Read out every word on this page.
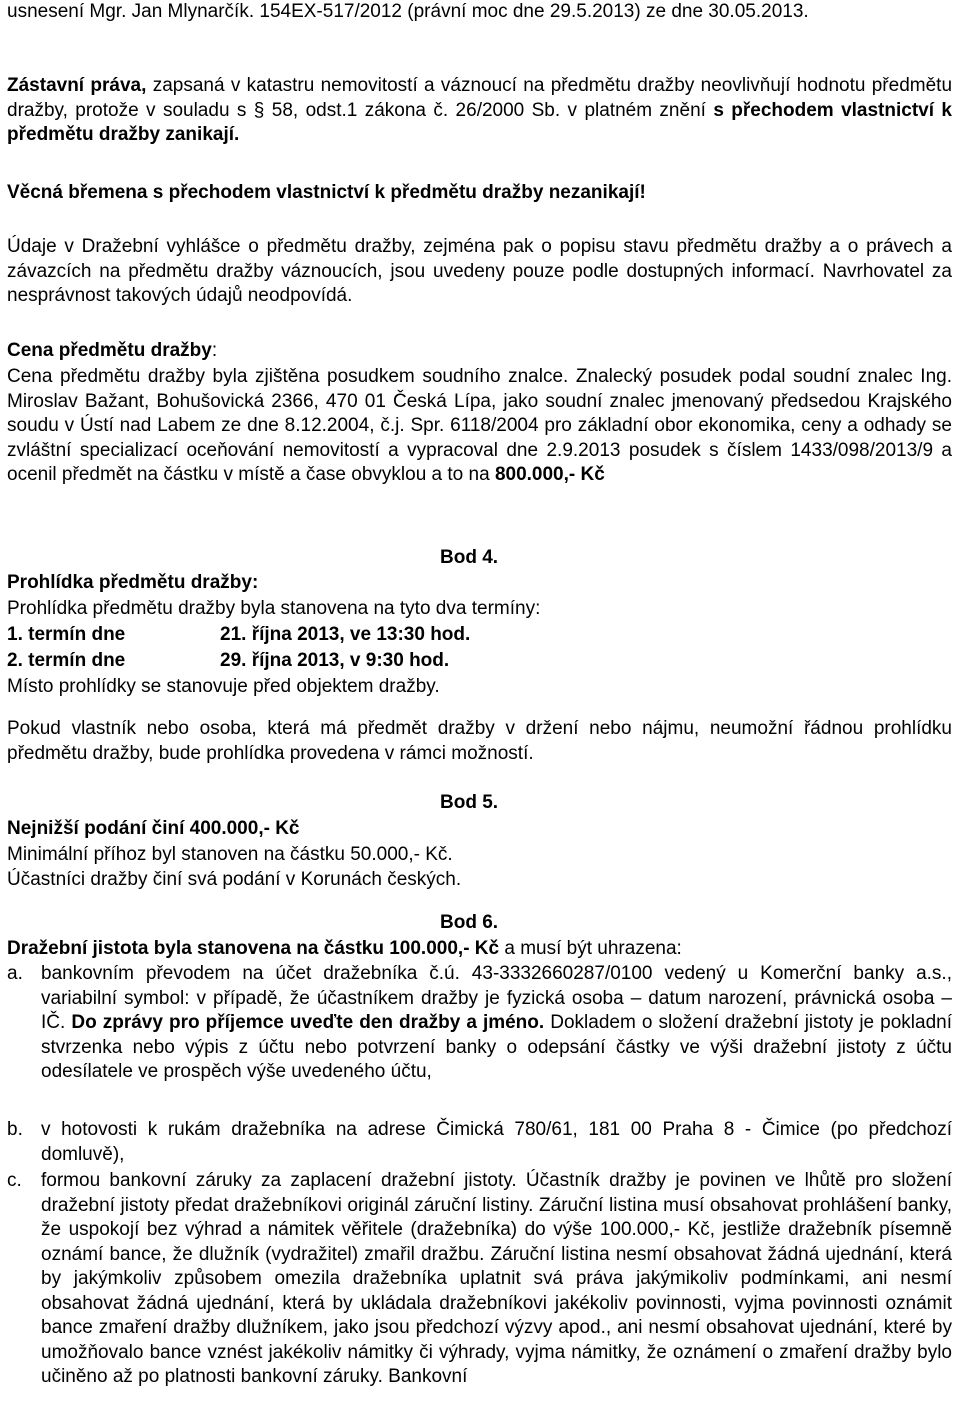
usnesení Mgr. Jan Mlynarčík. 154EX-517/2012 (právní moc dne 29.5.2013) ze dne 30.05.2013.

Zástavní práva, zapsaná v katastru nemovitostí a váznoucí na předmětu dražby neovlivňují hodnotu předmětu dražby, protože v souladu s § 58, odst.1 zákona č. 26/2000 Sb. v platném znění s přechodem vlastnictví k předmětu dražby zanikají.

Věcná břemena s přechodem vlastnictví k předmětu dražby nezanikají!

Údaje v Dražební vyhlášce o předmětu dražby, zejména pak o popisu stavu předmětu dražby a o právech a závazcích na předmětu dražby váznoucích, jsou uvedeny pouze podle dostupných informací. Navrhovatel za nesprávnost takových údajů neodpovídá.

Cena předmětu dražby:

Cena předmětu dražby byla zjištěna posudkem soudního znalce. Znalecký posudek podal soudní znalec Ing. Miroslav Bažant, Bohušovická 2366, 470 01 Česká Lípa, jako soudní znalec jmenovaný předsedou Krajského soudu v Ústí nad Labem ze dne 8.12.2004, č.j. Spr. 6118/2004 pro základní obor ekonomika, ceny a odhady se zvláštní specializací oceňování nemovitostí a vypracoval dne 2.9.2013 posudek s číslem 1433/098/2013/9 a ocenil předmět na částku v místě a čase obvyklou a to na 800.000,- Kč

Bod 4.

Prohlídka předmětu dražby:

Prohlídka předmětu dražby byla stanovena na tyto dva termíny:

1. termín dne	21. října 2013, ve 13:30 hod.

2. termín dne	29. října 2013, v 9:30 hod.

Místo prohlídky se stanovuje před objektem dražby.

Pokud vlastník nebo osoba, která má předmět dražby v držení nebo nájmu, neumožní řádnou prohlídku předmětu dražby, bude prohlídka provedena v rámci možností.

Bod 5.

Nejnižší podání činí 400.000,- Kč

Minimální příhoz byl stanoven na částku 50.000,- Kč.

Účastníci dražby činí svá podání v Korunách českých.

Bod 6.

Dražební jistota byla stanovena na částku 100.000,- Kč a musí být uhrazena:

a. bankovním převodem na účet dražebníka č.ú. 43-3332660287/0100 vedený u Komerční banky a.s., variabilní symbol: v případě, že účastníkem dražby je fyzická osoba – datum narození, právnická osoba – IČ. Do zprávy pro příjemce uveďte den dražby a jméno. Dokladem o složení dražební jistoty je pokladní stvrzenka nebo výpis z účtu nebo potvrzení banky o odepsání částky ve výši dražební jistoty z účtu odesílatele ve prospěch výše uvedeného účtu,
b. v hotovosti k rukám dražebníka na adrese Čimická 780/61, 181 00 Praha 8 - Čimice (po předchozí domluvě),
c. formou bankovní záruky za zaplacení dražební jistoty. Účastník dražby je povinen ve lhůtě pro složení dražební jistoty předat dražebníkovi originál záruční listiny. Záruční listina musí obsahovat prohlášení banky, že uspokojí bez výhrad a námitek věřitele (dražebníka) do výše 100.000,- Kč, jestliže dražebník písemně oznámí bance, že dlužník (vydražitel) zmařil dražbu. Záruční listina nesmí obsahovat žádná ujednání, která by jakýmkoliv způsobem omezila dražebníka uplatnit svá práva jakýmikoliv podmínkami, ani nesmí obsahovat žádná ujednání, která by ukládala dražebníkovi jakékoliv povinnosti, vyjma povinnosti oznámit bance zmaření dražby dlužníkem, jako jsou předchozí výzvy apod., ani nesmí obsahovat ujednání, které by umožňovalo bance vznést jakékoliv námitky či výhrady, vyjma námitky, že oznámení o zmaření dražby bylo učiněno až po platnosti bankovní záruky. Bankovní
